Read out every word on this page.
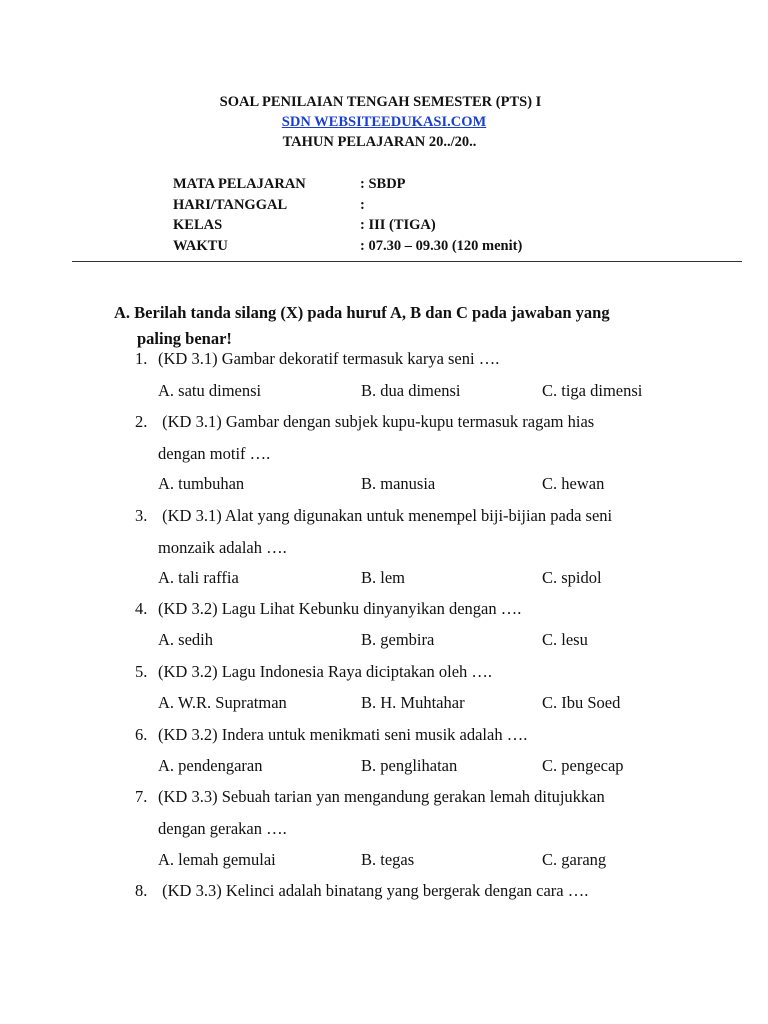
SOAL PENILAIAN TENGAH SEMESTER (PTS) I
SDN WEBSITEEDUKASI.COM
TAHUN PELAJARAN 20../20..
MATA PELAJARAN	: SBDP
HARI/TANGGAL	:
KELAS	: III (TIGA)
WAKTU	: 07.30 – 09.30 (120 menit)
A. Berilah tanda silang (X) pada huruf A, B dan C pada jawaban yang
paling benar!
1. (KD 3.1) Gambar dekoratif termasuk karya seni ….
A. satu dimensi	B. dua dimensi	C. tiga dimensi
2. (KD 3.1) Gambar dengan subjek kupu-kupu termasuk ragam hias
dengan motif ….
A. tumbuhan	B. manusia	C. hewan
3. (KD 3.1) Alat yang digunakan untuk menempel biji-bijian pada seni
monzaik adalah ….
A. tali raffia	B. lem	C. spidol
4. (KD 3.2) Lagu Lihat Kebunku dinyanyikan dengan ….
A. sedih	B. gembira	C. lesu
5. (KD 3.2) Lagu Indonesia Raya diciptakan oleh ….
A. W.R. Supratman	B. H. Muhtahar	C. Ibu Soed
6. (KD 3.2) Indera untuk menikmati seni musik adalah ….
A. pendengaran	B. penglihatan	C. pengecap
7. (KD 3.3) Sebuah tarian yan mengandung gerakan lemah ditujukkan
dengan gerakan ….
A. lemah gemulai	B. tegas	C. garang
8. (KD 3.3) Kelinci adalah binatang yang bergerak dengan cara ….
